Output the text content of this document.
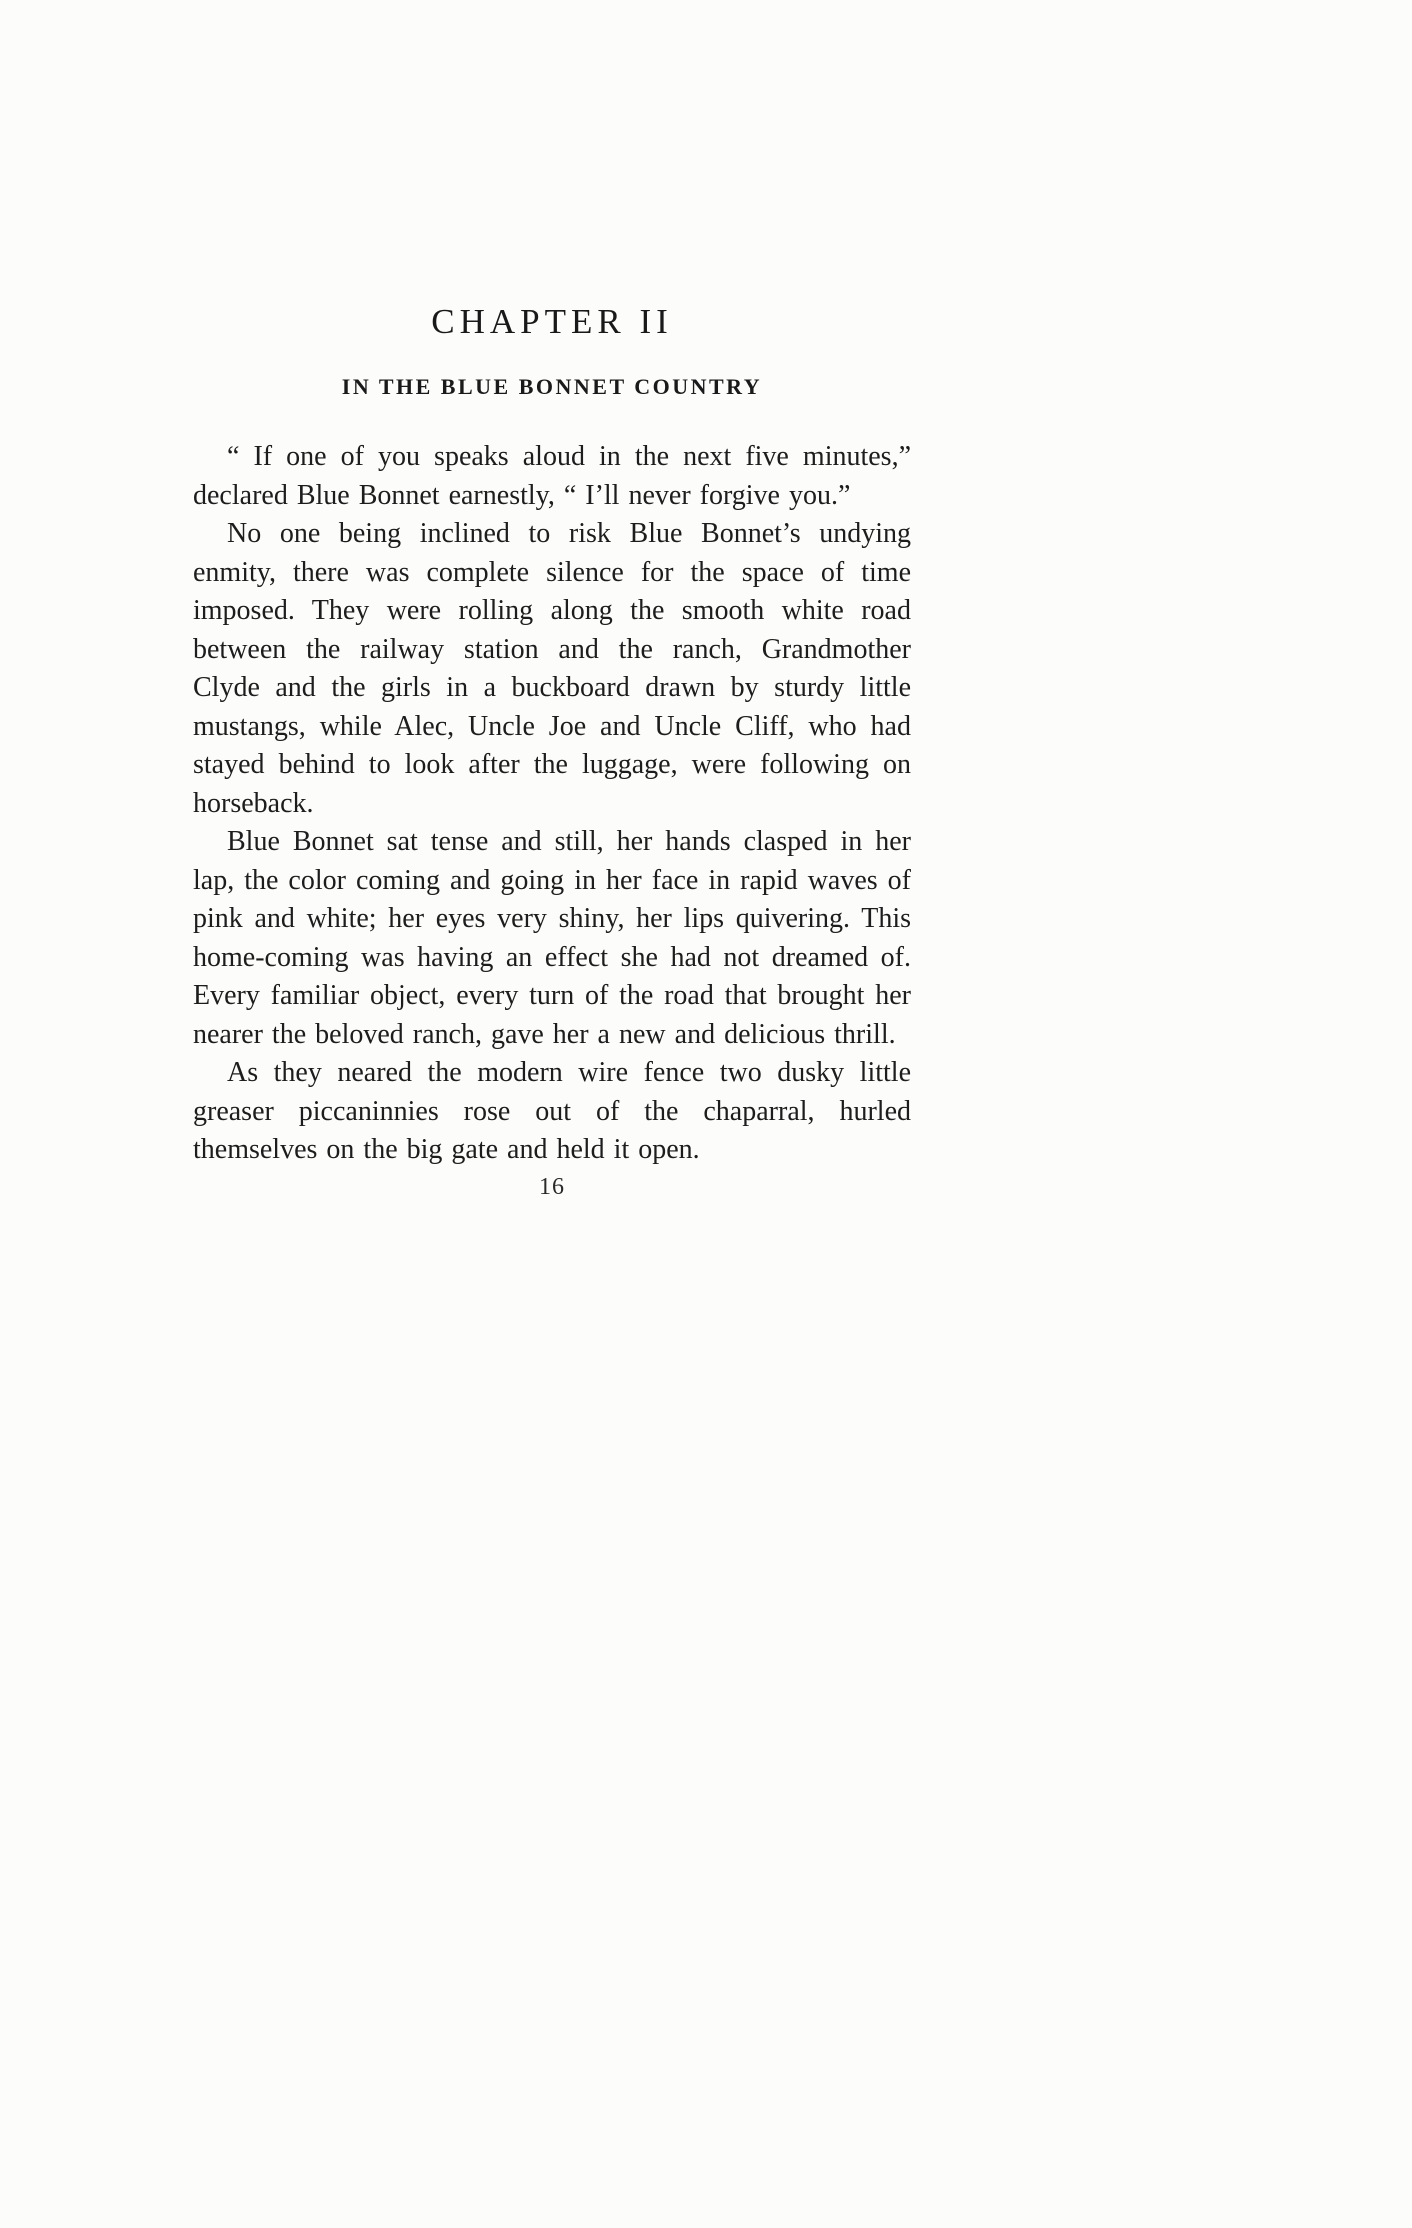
CHAPTER II
IN THE BLUE BONNET COUNTRY

“ If one of you speaks aloud in the next five minutes,” declared Blue Bonnet earnestly, “ I’ll never forgive you.”

No one being inclined to risk Blue Bonnet’s undying enmity, there was complete silence for the space of time imposed. They were rolling along the smooth white road between the railway station and the ranch, Grandmother Clyde and the girls in a buckboard drawn by sturdy little mustangs, while Alec, Uncle Joe and Uncle Cliff, who had stayed behind to look after the luggage, were following on horseback.

Blue Bonnet sat tense and still, her hands clasped in her lap, the color coming and going in her face in rapid waves of pink and white; her eyes very shiny, her lips quivering. This home-coming was having an effect she had not dreamed of. Every familiar object, every turn of the road that brought her nearer the beloved ranch, gave her a new and delicious thrill.

As they neared the modern wire fence two dusky little greaser piccaninnies rose out of the chaparral, hurled themselves on the big gate and held it open.

16
